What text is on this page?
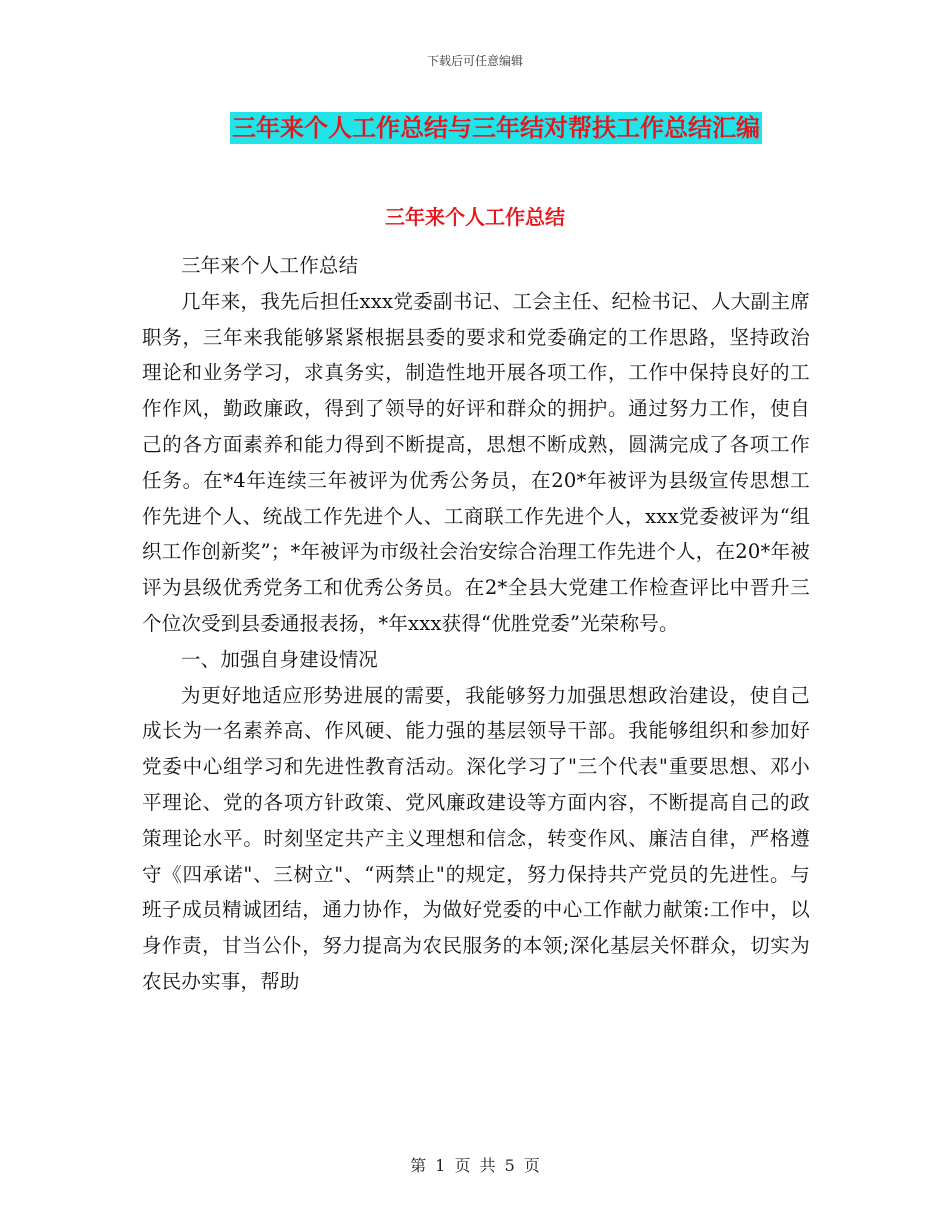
下载后可任意编辑
三年来个人工作总结与三年结对帮扶工作总结汇编
三年来个人工作总结

三年来个人工作总结

几年来，我先后担任xxx党委副书记、工会主任、纪检书记、人大副主席职务，三年来我能够紧紧根据县委的要求和党委确定的工作思路，坚持政治理论和业务学习，求真务实，制造性地开展各项工作，工作中保持良好的工作作风，勤政廉政，得到了领导的好评和群众的拥护。通过努力工作，使自己的各方面素养和能力得到不断提高，思想不断成熟，圆满完成了各项工作任务。在*4年连续三年被评为优秀公务员，在20*年被评为县级宣传思想工作先进个人、统战工作先进个人、工商联工作先进个人，xxx党委被评为“组织工作创新奖”；*年被评为市级社会治安综合治理工作先进个人，在20*年被评为县级优秀党务工和优秀公务员。在2*全县大党建工作检查评比中晋升三个位次受到县委通报表扬，*年xxx获得“优胜党委”光荣称号。

一、加强自身建设情况

为更好地适应形势进展的需要，我能够努力加强思想政治建设，使自己成长为一名素养高、作风硬、能力强的基层领导干部。我能够组织和参加好党委中心组学习和先进性教育活动。深化学习了"三个代表"重要思想、邓小平理论、党的各项方针政策、党风廉政建设等方面内容，不断提高自己的政策理论水平。时刻坚定共产主义理想和信念，转变作风、廉洁自律，严格遵守《四承诺"、三树立"、“两禁止"的规定，努力保持共产党员的先进性。与班子成员精诚团结，通力协作，为做好党委的中心工作献力献策:工作中，以身作责，甘当公仆，努力提高为农民服务的本领;深化基层关怀群众，切实为农民办实事，帮助

第 1 页 共 5 页
